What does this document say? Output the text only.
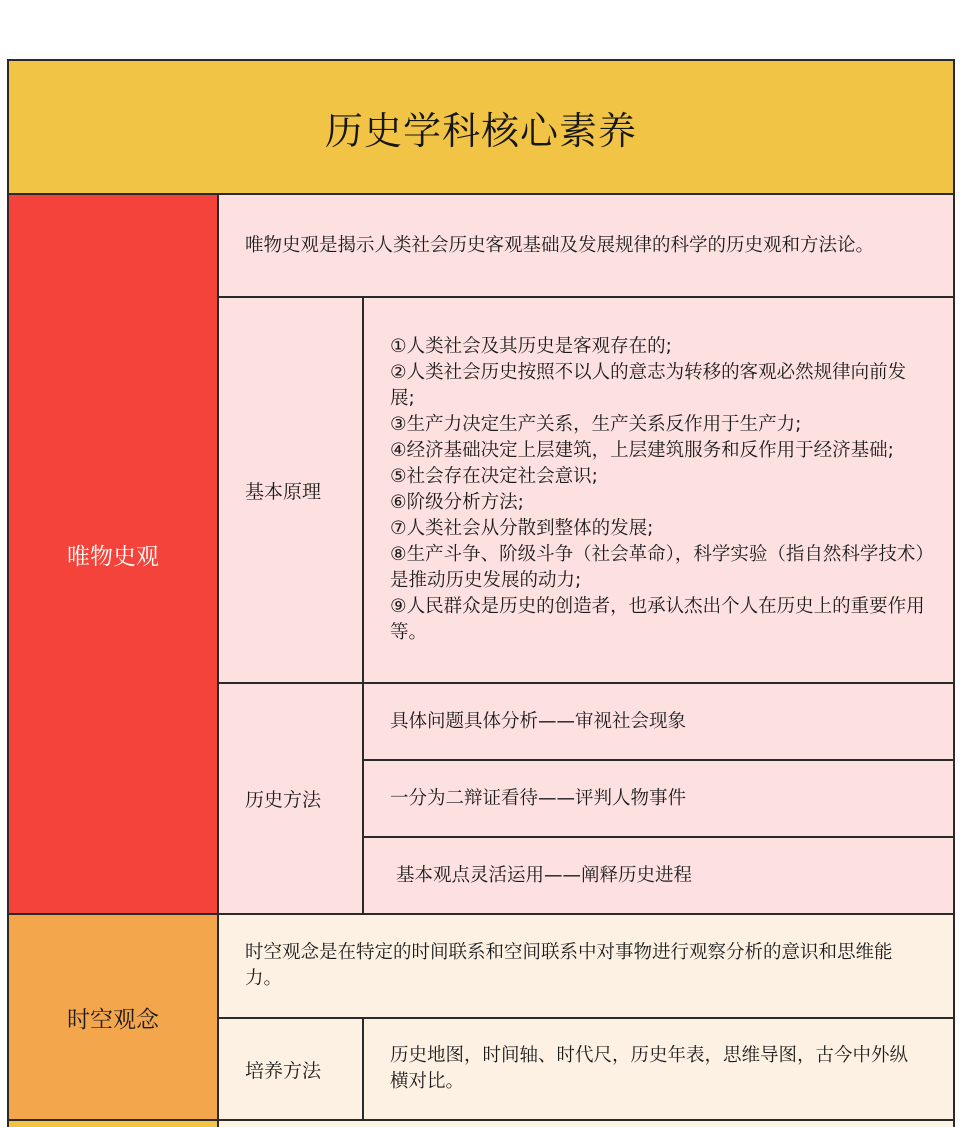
历史学科核心素养
唯物史观
唯物史观是揭示人类社会历史客观基础及发展规律的科学的历史观和方法论。
基本原理
①人类社会及其历史是客观存在的;
②人类社会历史按照不以人的意志为转移的客观必然规律向前发展;
③生产力决定生产关系，生产关系反作用于生产力;
④经济基础决定上层建筑，上层建筑服务和反作用于经济基础;
⑤社会存在决定社会意识;
⑥阶级分析方法;
⑦人类社会从分散到整体的发展;
⑧生产斗争、阶级斗争（社会革命），科学实验（指自然科学技术）是推动历史发展的动力;
⑨人民群众是历史的创造者，也承认杰出个人在历史上的重要作用等。
历史方法
具体问题具体分析——审视社会现象
一分为二辩证看待——评判人物事件
基本观点灵活运用——阐释历史进程
时空观念
时空观念是在特定的时间联系和空间联系中对事物进行观察分析的意识和思维能力。
培养方法
历史地图，时间轴、时代尺，历史年表，思维导图，古今中外纵横对比。
